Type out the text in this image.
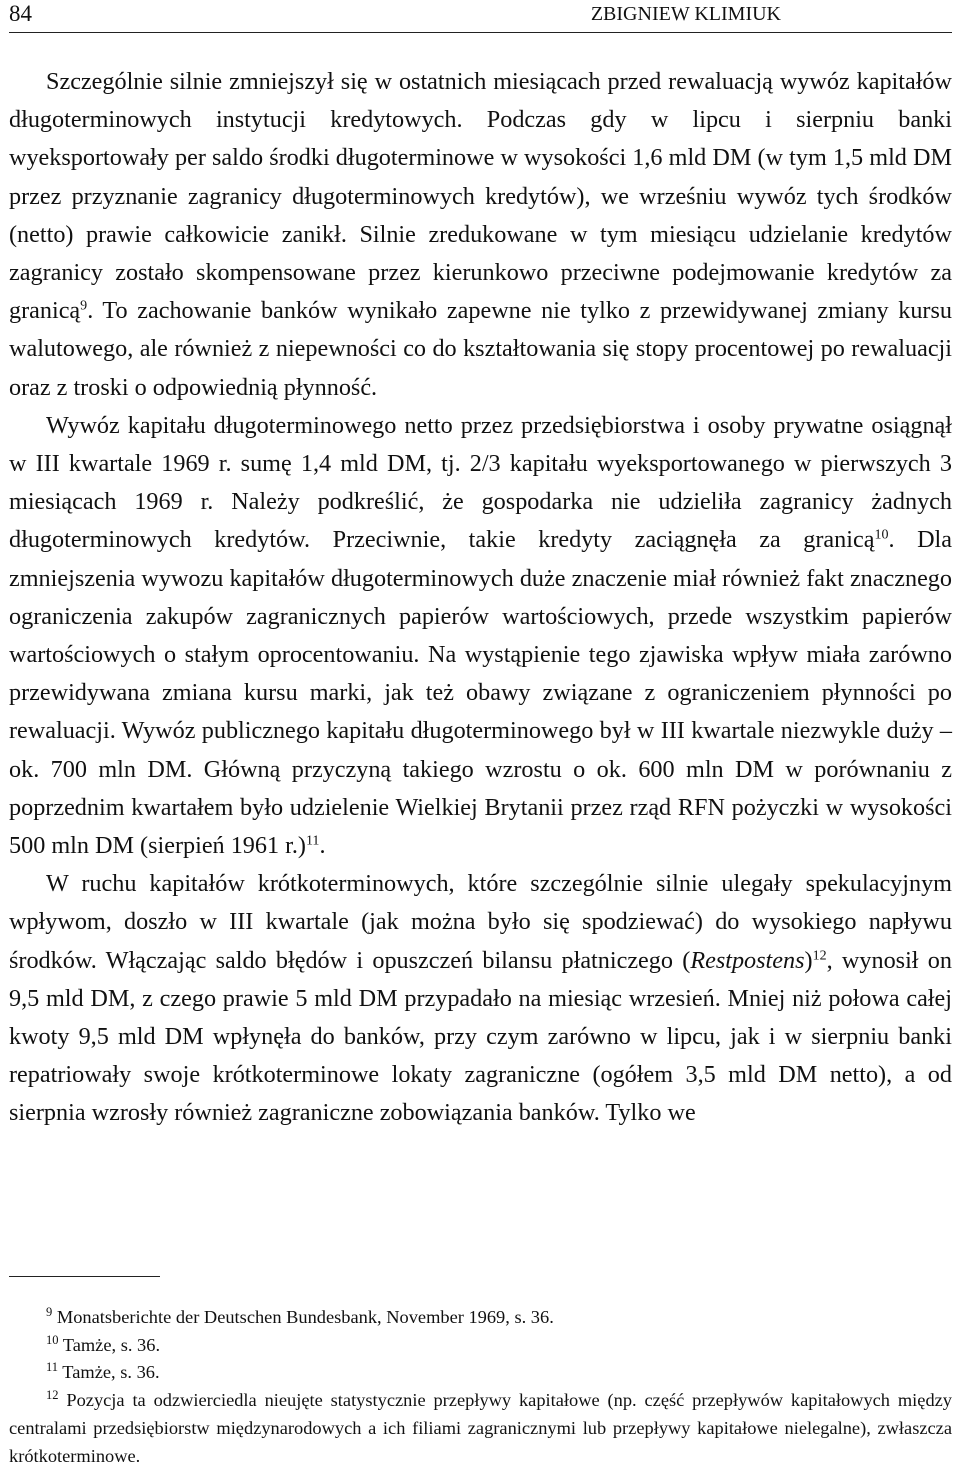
84	ZBIGNIEW KLIMIUK

Szczególnie silnie zmniejszył się w ostatnich miesiącach przed rewaluacją wywóz kapitałów długoterminowych instytucji kredytowych. Podczas gdy w lipcu i sierpniu banki wyeksportowały per saldo środki długoterminowe w wysokości 1,6 mld DM (w tym 1,5 mld DM przez przyznanie zagranicy długoterminowych kredytów), we wrześniu wywóz tych środków (netto) prawie całkowicie zanikł. Silnie zredukowane w tym miesiącu udzielanie kredytów zagranicy zostało skompensowane przez kierunkowo przeciwne podejmowanie kredytów za granicą$^9$. To zachowanie banków wynikało zapewne nie tylko z przewidywanej zmiany kursu walutowego, ale również z niepewności co do kształtowania się stopy procentowej po rewaluacji oraz z troski o odpowiednią płynność.

Wywóz kapitału długoterminowego netto przez przedsiębiorstwa i osoby prywatne osiągnął w III kwartale 1969 r. sumę 1,4 mld DM, tj. 2/3 kapitału wyeksportowanego w pierwszych 3 miesiącach 1969 r. Należy podkreślić, że gospodarka nie udzieliła zagranicy żadnych długoterminowych kredytów. Przeciwnie, takie kredyty zaciągnęła za granicą$^{10}$. Dla zmniejszenia wywozu kapitałów długoterminowych duże znaczenie miał również fakt znacznego ograniczenia zakupów zagranicznych papierów wartościowych, przede wszystkim papierów wartościowych o stałym oprocentowaniu. Na wystąpienie tego zjawiska wpływ miała zarówno przewidywana zmiana kursu marki, jak też obawy związane z ograniczeniem płynności po rewaluacji. Wywóz publicznego kapitału długoterminowego był w III kwartale niezwykle duży – ok. 700 mln DM. Główną przyczyną takiego wzrostu o ok. 600 mln DM w porównaniu z poprzednim kwartałem było udzielenie Wielkiej Brytanii przez rząd RFN pożyczki w wysokości 500 mln DM (sierpień 1961 r.)$^{11}$.

W ruchu kapitałów krótkoterminowych, które szczególnie silnie ulegały spekulacyjnym wpływom, doszło w III kwartale (jak można było się spodziewać) do wysokiego napływu środków. Włączając saldo błędów i opuszczeń bilansu płatniczego (Restpostens)$^{12}$, wynosił on 9,5 mld DM, z czego prawie 5 mld DM przypadało na miesiąc wrzesień. Mniej niż połowa całej kwoty 9,5 mld DM wpłynęła do banków, przy czym zarówno w lipcu, jak i w sierpniu banki repatriowały swoje krótkoterminowe lokaty zagraniczne (ogółem 3,5 mld DM netto), a od sierpnia wzrosły również zagraniczne zobowiązania banków. Tylko we

$^9$ Monatsberichte der Deutschen Bundesbank, November 1969, s. 36.

$^{10}$ Tamże, s. 36.

$^{11}$ Tamże, s. 36.

$^{12}$ Pozycja ta odzwierciedla nieujęte statystycznie przepływy kapitałowe (np. część przepływów kapitałowych między centralami przedsiębiorstw międzynarodowych a ich filiami zagranicznymi lub przepływy kapitałowe nielegalne), zwłaszcza krótkoterminowe.
